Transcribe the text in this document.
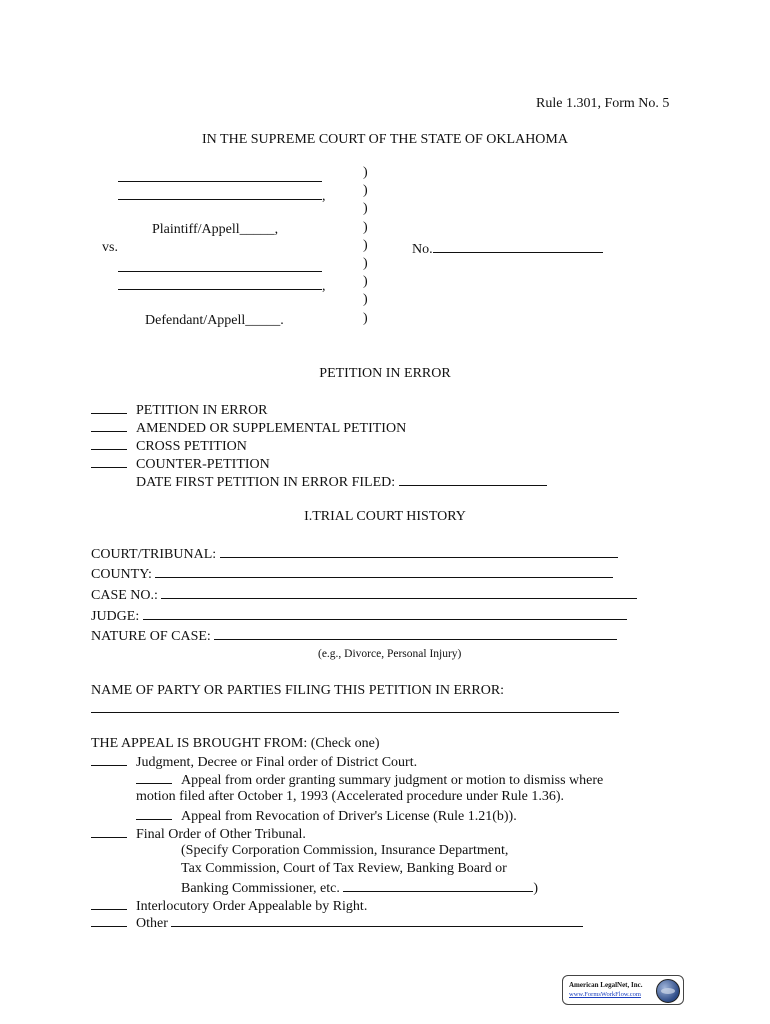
Rule 1.301, Form No. 5
IN THE SUPREME COURT OF THE STATE OF OKLAHOMA
,
Plaintiff/Appell_____,
vs.
,
Defendant/Appell_____.
)
)
)
)
)
)
)
)
)
No.
PETITION IN ERROR
PETITION IN ERROR
AMENDED OR SUPPLEMENTAL PETITION
CROSS PETITION
COUNTER-PETITION
DATE FIRST PETITION IN ERROR FILED:
I.TRIAL COURT HISTORY
COURT/TRIBUNAL:
COUNTY:
CASE NO.:
JUDGE:
NATURE OF CASE:
(e.g., Divorce, Personal Injury)
NAME OF PARTY OR PARTIES FILING THIS PETITION IN ERROR:
THE APPEAL IS BROUGHT FROM: (Check one)
Judgment, Decree or Final order of District Court.
Appeal from order granting summary judgment or motion to dismiss where
motion filed after October 1, 1993 (Accelerated procedure under Rule 1.36).
Appeal from Revocation of Driver's License (Rule 1.21(b)).
Final Order of Other Tribunal.
(Specify Corporation Commission, Insurance Department,
Tax Commission, Court of Tax Review, Banking Board or
Banking Commissioner, etc.	)
Interlocutory Order Appealable by Right.
Other
American LegalNet, Inc.
www.FormsWorkFlow.com
